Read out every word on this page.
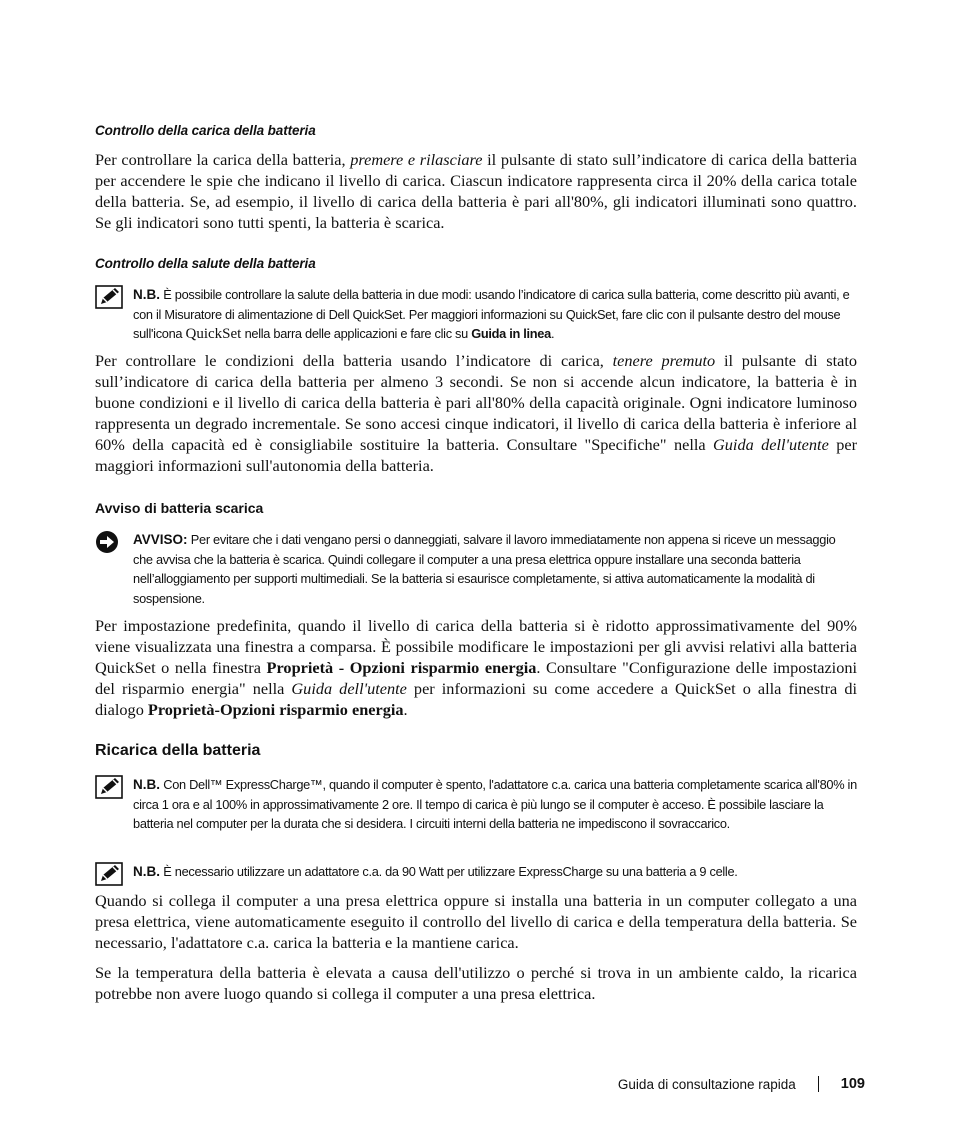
Controllo della carica della batteria

Per controllare la carica della batteria, premere e rilasciare il pulsante di stato sull’indicatore di carica della batteria per accendere le spie che indicano il livello di carica. Ciascun indicatore rappresenta circa il 20% della carica totale della batteria. Se, ad esempio, il livello di carica della batteria è pari all'80%, gli indicatori illuminati sono quattro. Se gli indicatori sono tutti spenti, la batteria è scarica.

Controllo della salute della batteria

N.B. È possibile controllare la salute della batteria in due modi: usando l’indicatore di carica sulla batteria, come descritto più avanti, e con il Misuratore di alimentazione di Dell QuickSet. Per maggiori informazioni su QuickSet, fare clic con il pulsante destro del mouse sull'icona QuickSet nella barra delle applicazioni e fare clic su Guida in linea.

Per controllare le condizioni della batteria usando l’indicatore di carica, tenere premuto il pulsante di stato sull’indicatore di carica della batteria per almeno 3 secondi. Se non si accende alcun indicatore, la batteria è in buone condizioni e il livello di carica della batteria è pari all'80% della capacità originale. Ogni indicatore luminoso rappresenta un degrado incrementale. Se sono accesi cinque indicatori, il livello di carica della batteria è inferiore al 60% della capacità ed è consigliabile sostituire la batteria. Consultare "Specifiche" nella Guida dell'utente per maggiori informazioni sull'autonomia della batteria.

Avviso di batteria scarica

AVVISO: Per evitare che i dati vengano persi o danneggiati, salvare il lavoro immediatamente non appena si riceve un messaggio che avvisa che la batteria è scarica. Quindi collegare il computer a una presa elettrica oppure installare una seconda batteria nell’alloggiamento per supporti multimediali. Se la batteria si esaurisce completamente, si attiva automaticamente la modalità di sospensione.

Per impostazione predefinita, quando il livello di carica della batteria si è ridotto approssimativamente del 90% viene visualizzata una finestra a comparsa. È possibile modificare le impostazioni per gli avvisi relativi alla batteria QuickSet o nella finestra Proprietà - Opzioni risparmio energia. Consultare "Configurazione delle impostazioni del risparmio energia" nella Guida dell'utente per informazioni su come accedere a QuickSet o alla finestra di dialogo Proprietà-Opzioni risparmio energia.

Ricarica della batteria

N.B. Con Dell™ ExpressCharge™, quando il computer è spento, l'adattatore c.a. carica una batteria completamente scarica all'80% in circa 1 ora e al 100% in approssimativamente 2 ore. Il tempo di carica è più lungo se il computer è acceso. È possibile lasciare la batteria nel computer per la durata che si desidera. I circuiti interni della batteria ne impediscono il sovraccarico.

N.B. È necessario utilizzare un adattatore c.a. da 90 Watt per utilizzare ExpressCharge su una batteria a 9 celle.

Quando si collega il computer a una presa elettrica oppure si installa una batteria in un computer collegato a una presa elettrica, viene automaticamente eseguito il controllo del livello di carica e della temperatura della batteria. Se necessario, l'adattatore c.a. carica la batteria e la mantiene carica.

Se la temperatura della batteria è elevata a causa dell'utilizzo o perché si trova in un ambiente caldo, la ricarica potrebbe non avere luogo quando si collega il computer a una presa elettrica.

Guida di consultazione rapida	109
